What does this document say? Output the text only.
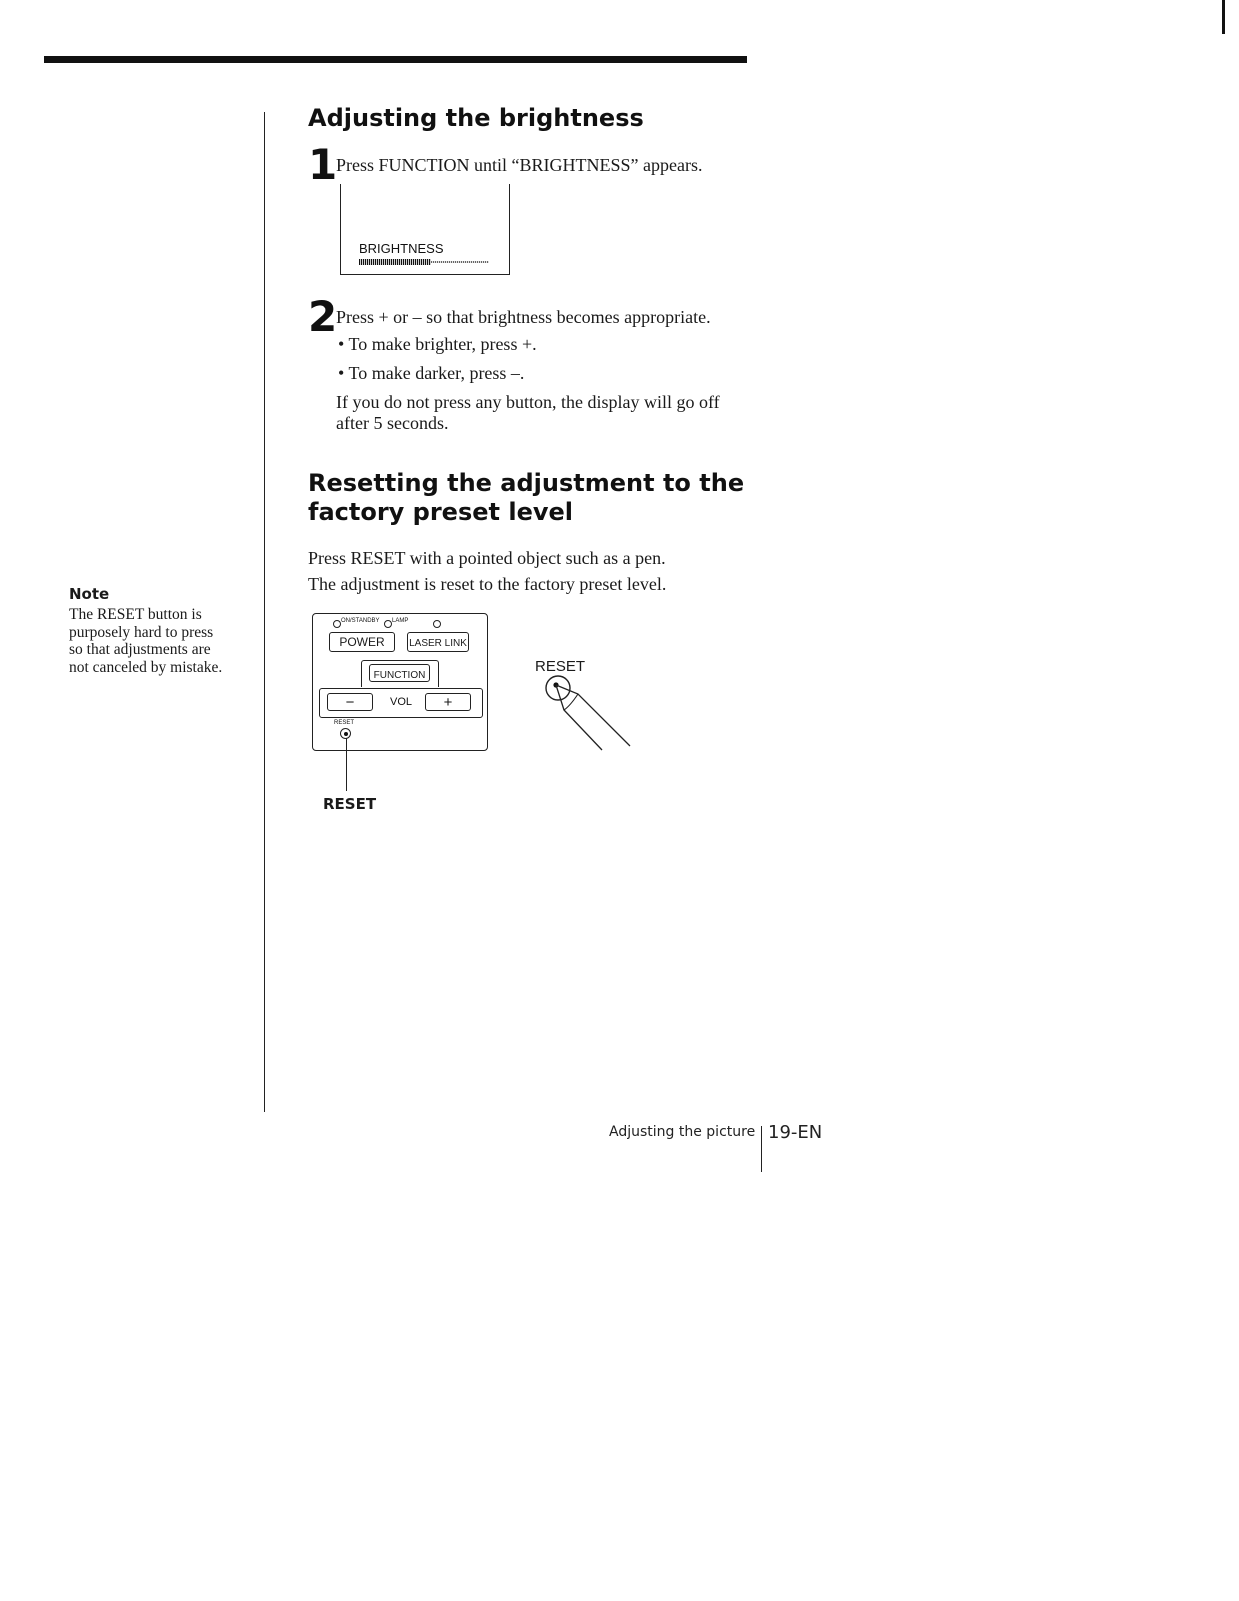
Adjusting the brightness
1
Press FUNCTION until “BRIGHTNESS” appears.
BRIGHTNESS
2
Press + or – so that brightness becomes appropriate.
• To make brighter, press +.
• To make darker, press –.
If you do not press any button, the display will go off after 5 seconds.
Resetting the adjustment to the factory preset level
Press RESET with a pointed object such as a pen.
The adjustment is reset to the factory preset level.
Note
The RESET button is purposely hard to press so that adjustments are not canceled by mistake.
ON/STANDBY LAMP
POWER	LASER LINK
FUNCTION
−	VOL	+
RESET
RESET
RESET
Adjusting the picture 19-EN
